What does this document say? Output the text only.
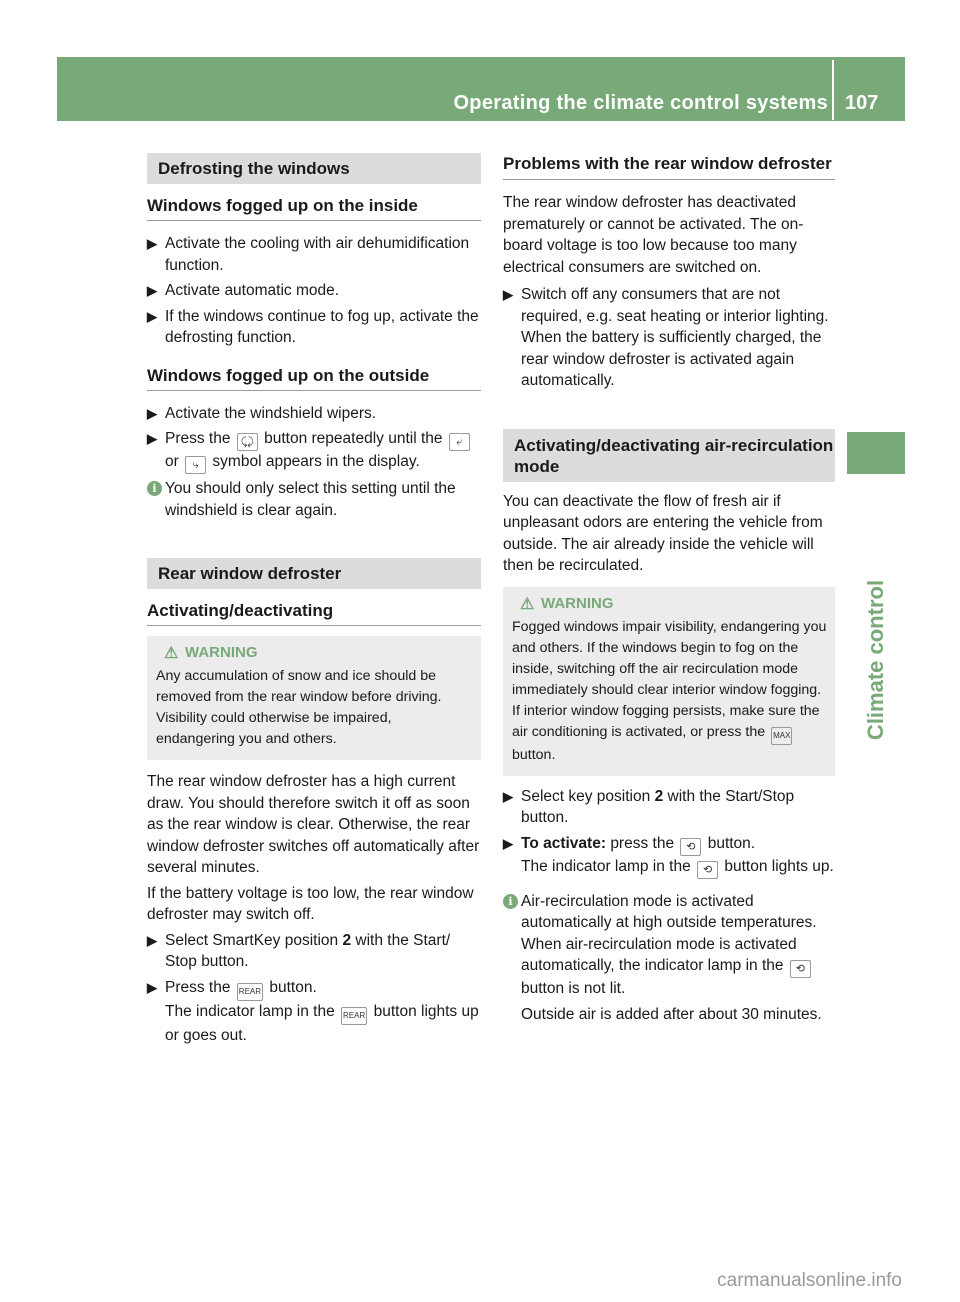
Operating the climate control systems 107
Climate control
Defrosting the windows
Windows fogged up on the inside
▶ Activate the cooling with air dehumidification function.
▶ Activate automatic mode.
▶ If the windows continue to fog up, activate the defrosting function.
Windows fogged up on the outside
▶ Activate the windshield wipers.
▶ Press the ⤹⤸ button repeatedly until the ⤶ or ⤷ symbol appears in the display.
i You should only select this setting until the windshield is clear again.
Rear window defroster
Activating/deactivating
⚠ WARNING
Any accumulation of snow and ice should be removed from the rear window before driving. Visibility could otherwise be impaired, endangering you and others.
The rear window defroster has a high current draw. You should therefore switch it off as soon as the rear window is clear. Otherwise, the rear window defroster switches off automatically after several minutes.
If the battery voltage is too low, the rear window defroster may switch off.
▶ Select SmartKey position 2 with the Start/ Stop button.
▶ Press the REAR button.
The indicator lamp in the REAR button lights up or goes out.
Problems with the rear window defroster
The rear window defroster has deactivated prematurely or cannot be activated. The on-board voltage is too low because too many electrical consumers are switched on.
▶ Switch off any consumers that are not required, e.g. seat heating or interior lighting.
When the battery is sufficiently charged, the rear window defroster is activated again automatically.
Activating/deactivating air-recirculation mode
You can deactivate the flow of fresh air if unpleasant odors are entering the vehicle from outside. The air already inside the vehicle will then be recirculated.
⚠ WARNING
Fogged windows impair visibility, endangering you and others. If the windows begin to fog on the inside, switching off the air recirculation mode immediately should clear interior window fogging. If interior window fogging persists, make sure the air conditioning is activated, or press the MAX button.
▶ Select key position 2 with the Start/Stop button.
▶ To activate: press the ⟲ button.
The indicator lamp in the ⟲ button lights up.
i Air-recirculation mode is activated automatically at high outside temperatures. When air-recirculation mode is activated automatically, the indicator lamp in the ⟲ button is not lit.
Outside air is added after about 30 minutes.
carmanualsonline.info
